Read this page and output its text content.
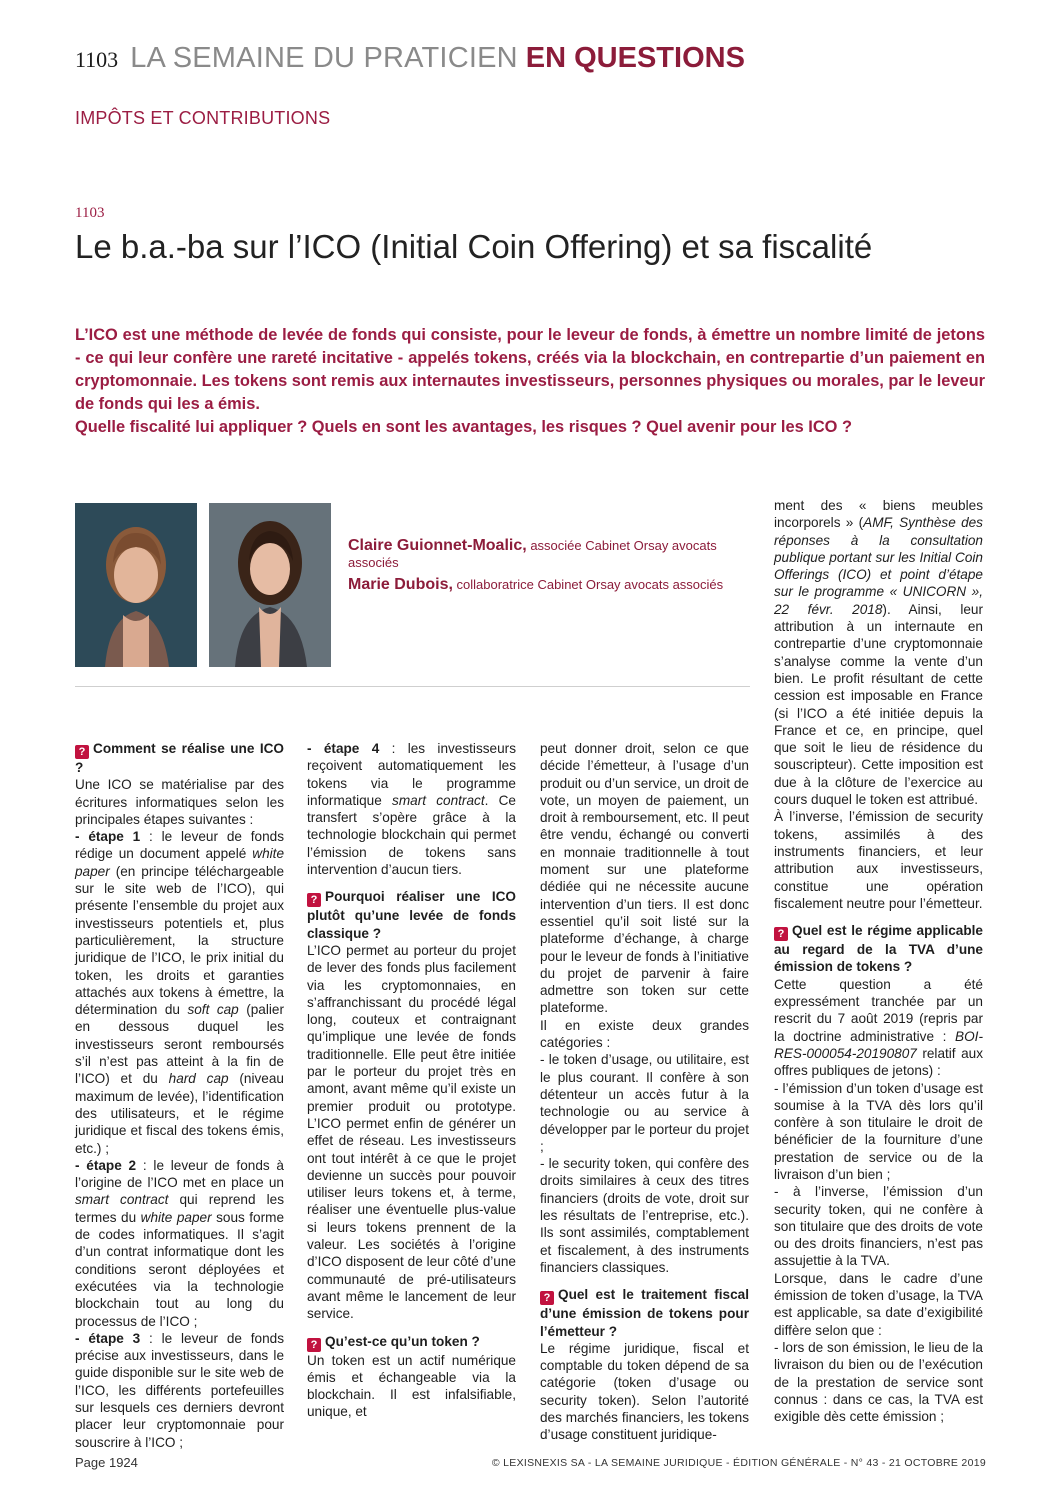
1103 LA SEMAINE DU PRATICIEN EN QUESTIONS
IMPÔTS ET CONTRIBUTIONS
1103
Le b.a.-ba sur l’ICO (Initial Coin Offering) et sa fiscalité

L’ICO est une méthode de levée de fonds qui consiste, pour le leveur de fonds, à émettre un nombre limité de jetons - ce qui leur confère une rareté incitative - appelés tokens, créés via la blockchain, en contrepartie d’un paiement en cryptomonnaie. Les tokens sont remis aux internautes investisseurs, personnes physiques ou morales, par le leveur de fonds qui les a émis.

Quelle fiscalité lui appliquer ? Quels en sont les avantages, les risques ? Quel avenir pour les ICO ?

Claire Guionnet-Moalic, associée Cabinet Orsay avocats associés

Marie Dubois, collaboratrice Cabinet Orsay avocats associés

? Comment se réalise une ICO ?

Une ICO se matérialise par des écritures informatiques selon les principales étapes suivantes :

- étape 1 : le leveur de fonds rédige un document appelé white paper (en principe téléchargeable sur le site web de l’ICO), qui présente l’ensemble du projet aux investisseurs potentiels et, plus particulièrement, la structure juridique de l’ICO, le prix initial du token, les droits et garanties attachés aux tokens à émettre, la détermination du soft cap (palier en dessous duquel les investisseurs seront remboursés s’il n’est pas atteint à la fin de l’ICO) et du hard cap (niveau maximum de levée), l’identification des utilisateurs, et le régime juridique et fiscal des tokens émis, etc.) ;

- étape 2 : le leveur de fonds à l’origine de l’ICO met en place un smart contract qui reprend les termes du white paper sous forme de codes informatiques. Il s’agit d’un contrat informatique dont les conditions seront déployées et exécutées via la technologie blockchain tout au long du processus de l’ICO ;

- étape 3 : le leveur de fonds précise aux investisseurs, dans le guide disponible sur le site web de l’ICO, les différents portefeuilles sur lesquels ces derniers devront placer leur cryptomonnaie pour souscrire à l’ICO ;

- étape 4 : les investisseurs reçoivent automatiquement les tokens via le programme informatique smart contract. Ce transfert s’opère grâce à la technologie blockchain qui permet l’émission de tokens sans intervention d’aucun tiers.

? Pourquoi réaliser une ICO plutôt qu’une levée de fonds classique ?

L’ICO permet au porteur du projet de lever des fonds plus facilement via les cryptomonnaies, en s’affranchissant du procédé légal long, couteux et contraignant qu’implique une levée de fonds traditionnelle. Elle peut être initiée par le porteur du projet très en amont, avant même qu’il existe un premier produit ou prototype. L’ICO permet enfin de générer un effet de réseau. Les investisseurs ont tout intérêt à ce que le projet devienne un succès pour pouvoir utiliser leurs tokens et, à terme, réaliser une éventuelle plus-value si leurs tokens prennent de la valeur. Les sociétés à l’origine d’ICO disposent de leur côté d’une communauté de pré-utilisateurs avant même le lancement de leur service.

? Qu’est-ce qu’un token ?

Un token est un actif numérique émis et échangeable via la blockchain. Il est infalsifiable, unique, et

peut donner droit, selon ce que décide l’émetteur, à l’usage d’un produit ou d’un service, un droit de vote, un moyen de paiement, un droit à remboursement, etc. Il peut être vendu, échangé ou converti en monnaie traditionnelle à tout moment sur une plateforme dédiée qui ne nécessite aucune intervention d’un tiers. Il est donc essentiel qu’il soit listé sur la plateforme d’échange, à charge pour le leveur de fonds à l’initiative du projet de parvenir à faire admettre son token sur cette plateforme.

Il en existe deux grandes catégories :

- le token d’usage, ou utilitaire, est le plus courant. Il confère à son détenteur un accès futur à la technologie ou au service à développer par le porteur du projet ;

- le security token, qui confère des droits similaires à ceux des titres financiers (droits de vote, droit sur les résultats de l’entreprise, etc.). Ils sont assimilés, comptablement et fiscalement, à des instruments financiers classiques.

? Quel est le traitement fiscal d’une émission de tokens pour l’émetteur ?

Le régime juridique, fiscal et comptable du token dépend de sa catégorie (token d’usage ou security token). Selon l’autorité des marchés financiers, les tokens d’usage constituent juridique-

ment des « biens meubles incorporels » (AMF, Synthèse des réponses à la consultation publique portant sur les Initial Coin Offerings (ICO) et point d’étape sur le programme « UNICORN », 22 févr. 2018). Ainsi, leur attribution à un internaute en contrepartie d’une cryptomonnaie s’analyse comme la vente d’un bien. Le profit résultant de cette cession est imposable en France (si l’ICO a été initiée depuis la France et ce, en principe, quel que soit le lieu de résidence du souscripteur). Cette imposition est due à la clôture de l’exercice au cours duquel le token est attribué.

À l’inverse, l’émission de security tokens, assimilés à des instruments financiers, et leur attribution aux investisseurs, constitue une opération fiscalement neutre pour l’émetteur.

? Quel est le régime applicable au regard de la TVA d’une émission de tokens ?

Cette question a été expressément tranchée par un rescrit du 7 août 2019 (repris par la doctrine administrative : BOI-RES-000054-20190807 relatif aux offres publiques de jetons) :

- l’émission d’un token d’usage est soumise à la TVA dès lors qu’il confère à son titulaire le droit de bénéficier de la fourniture d’une prestation de service ou de la livraison d’un bien ;

- à l’inverse, l’émission d’un security token, qui ne confère à son titulaire que des droits de vote ou des droits financiers, n’est pas assujettie à la TVA.

Lorsque, dans le cadre d’une émission de token d’usage, la TVA est applicable, sa date d’exigibilité diffère selon que :

- lors de son émission, le lieu de la livraison du bien ou de l’exécution de la prestation de service sont connus : dans ce cas, la TVA est exigible dès cette émission ;

Page 1924	© LEXISNEXIS SA - LA SEMAINE JURIDIQUE - ÉDITION GÉNÉRALE - N° 43 - 21 OCTOBRE 2019
